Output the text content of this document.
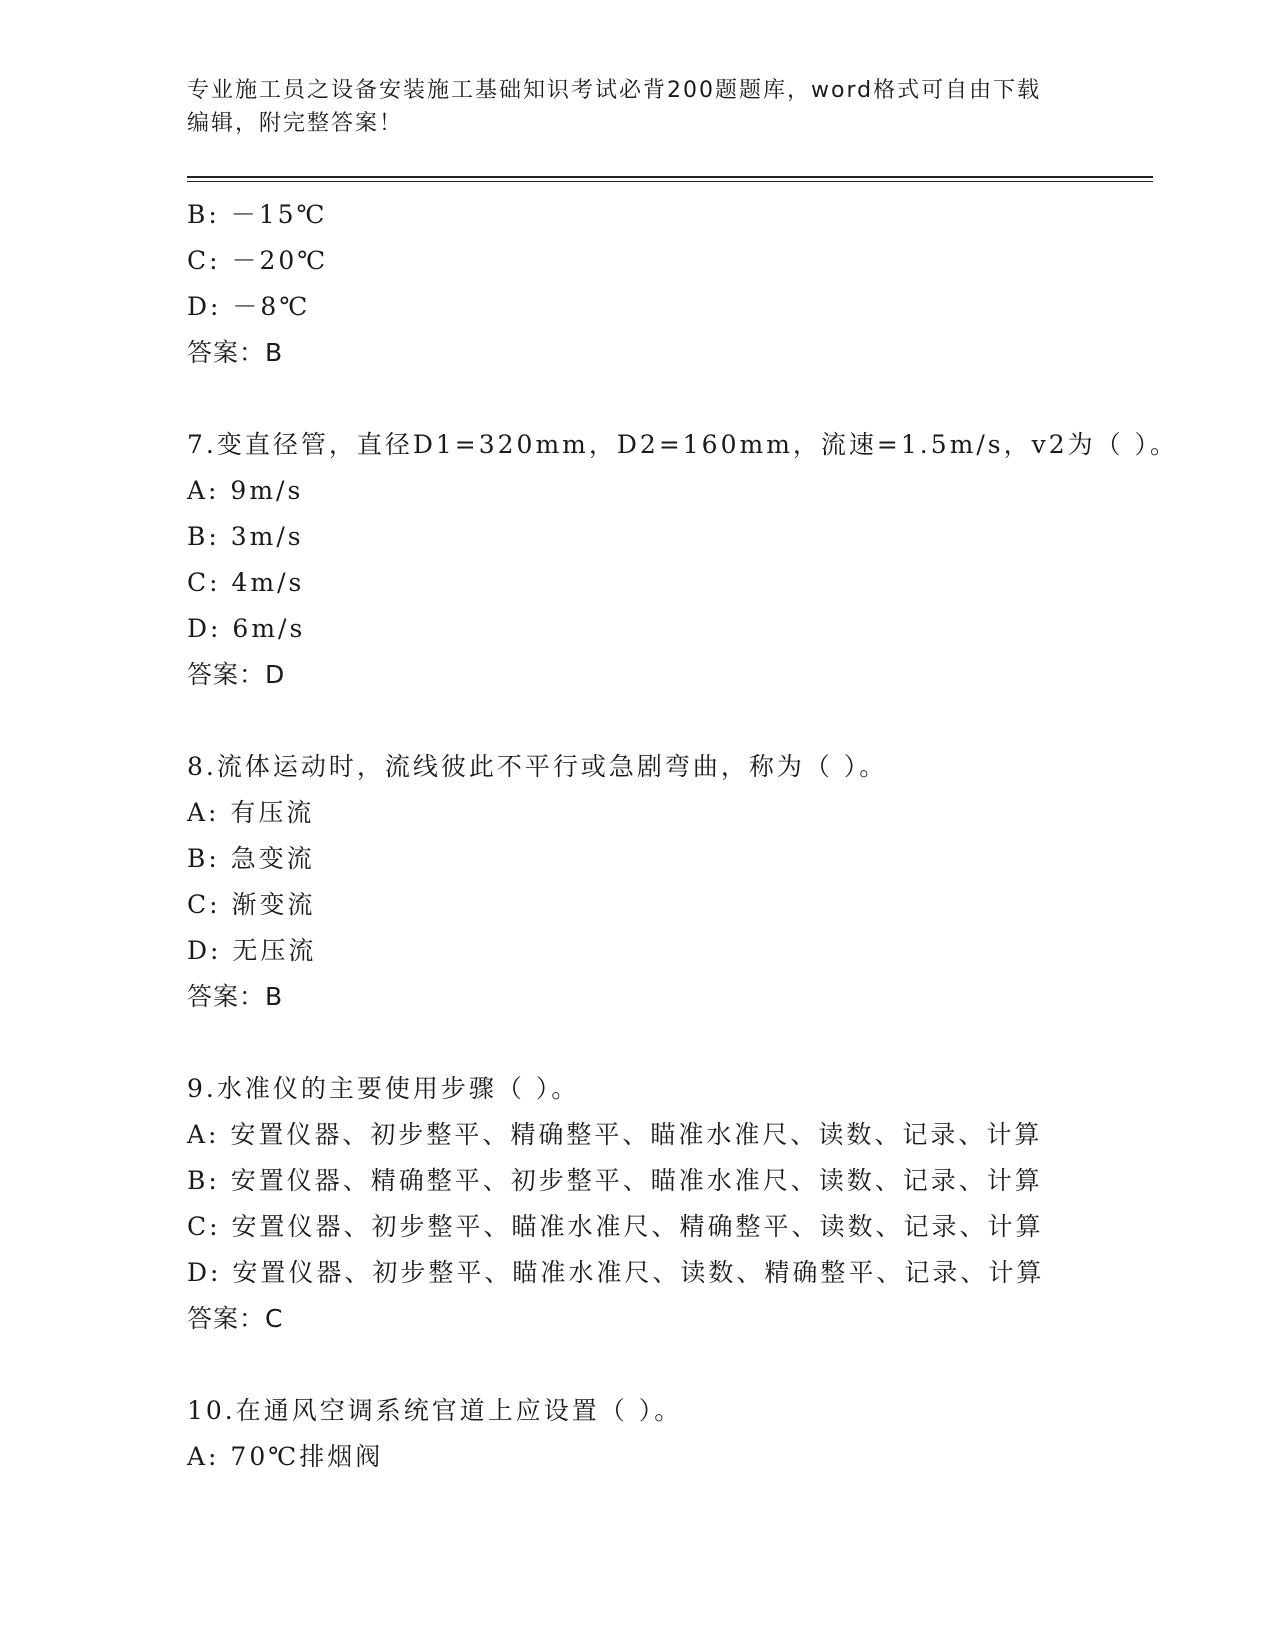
专业施工员之设备安装施工基础知识考试必背200题题库，word格式可自由下载
编辑，附完整答案！
B: －15℃
C: －20℃
D: －8℃
答案：B
7.变直径管，直径D1=320mm，D2=160mm，流速=1.5m/s，v2为（ ）。
A: 9m/s
B: 3m/s
C: 4m/s
D: 6m/s
答案：D
8.流体运动时，流线彼此不平行或急剧弯曲，称为（ ）。
A: 有压流
B: 急变流
C: 渐变流
D: 无压流
答案：B
9.水准仪的主要使用步骤（ ）。
A: 安置仪器、初步整平、精确整平、瞄准水准尺、读数、记录、计算
B: 安置仪器、精确整平、初步整平、瞄准水准尺、读数、记录、计算
C: 安置仪器、初步整平、瞄准水准尺、精确整平、读数、记录、计算
D: 安置仪器、初步整平、瞄准水准尺、读数、精确整平、记录、计算
答案：C
10.在通风空调系统官道上应设置（ ）。
A: 70℃排烟阀
